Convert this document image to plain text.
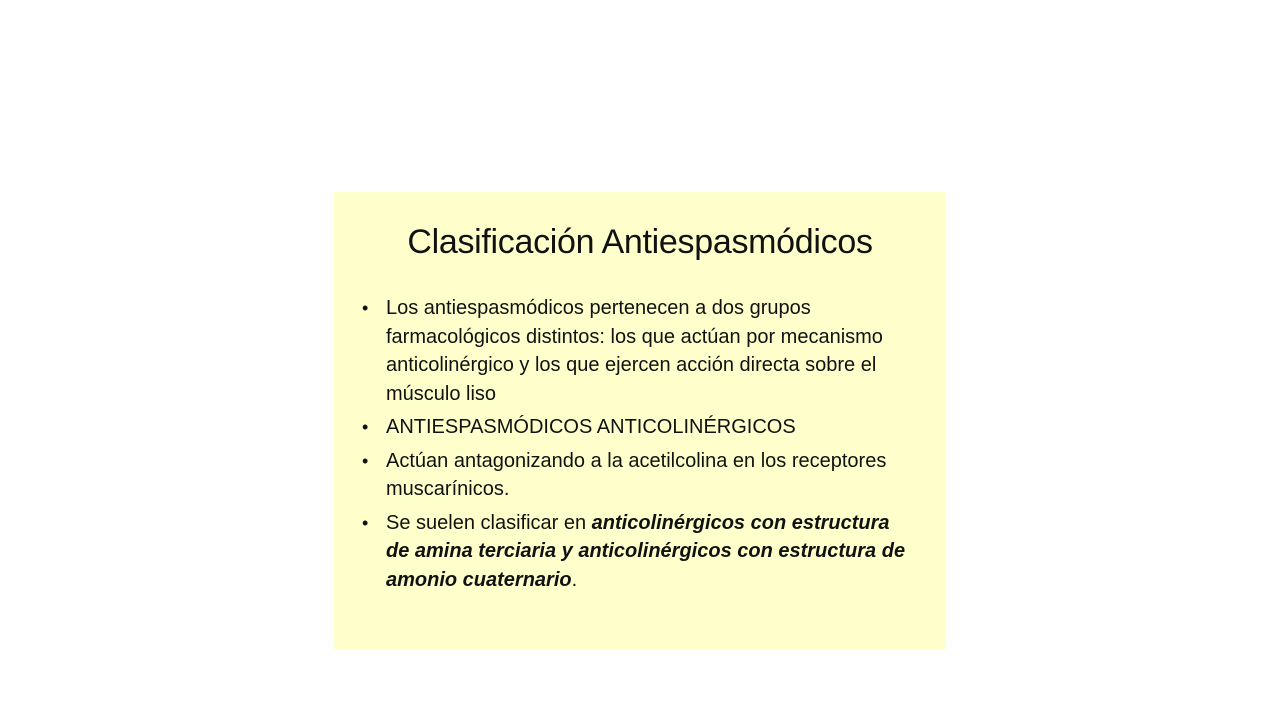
Clasificación Antiespasmódicos
• Los antiespasmódicos pertenecen a dos grupos farmacológicos distintos: los que actúan por mecanismo anticolinérgico y los que ejercen acción directa sobre el músculo liso
• ANTIESPASMÓDICOS ANTICOLINÉRGICOS
• Actúan antagonizando a la acetilcolina en los receptores muscarínicos.
• Se suelen clasificar en anticolinérgicos con estructura de amina terciaria y anticolinérgicos con estructura de amonio cuaternario.
